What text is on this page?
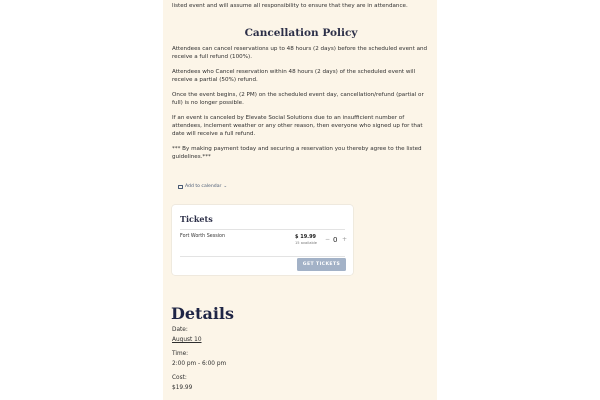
listed event and will assume all responsibility to ensure that they are in attendance.

Cancellation Policy

Attendees can cancel reservations up to 48 hours (2 days) before the scheduled event and receive a full refund (100%).

Attendees who Cancel reservation within 48 hours (2 days) of the scheduled event will receive a partial (50%) refund.

Once the event begins, (2 PM) on the scheduled event day, cancellation/refund (partial or full) is no longer possible.

If an event is canceled by Elevate Social Solutions due to an insufficient number of attendees, inclement weather or any other reason, then everyone who signed up for that date will receive a full refund.

*** By making payment today and securing a reservation you thereby agree to the listed guidelines.***

Add to calendar ⌄
Tickets
Fort Worth Session	$ 19.99
15 available − 0 +
GET TICKETS
Details
Date:
August 10
Time:
2:00 pm - 6:00 pm
Cost:
$19.99
